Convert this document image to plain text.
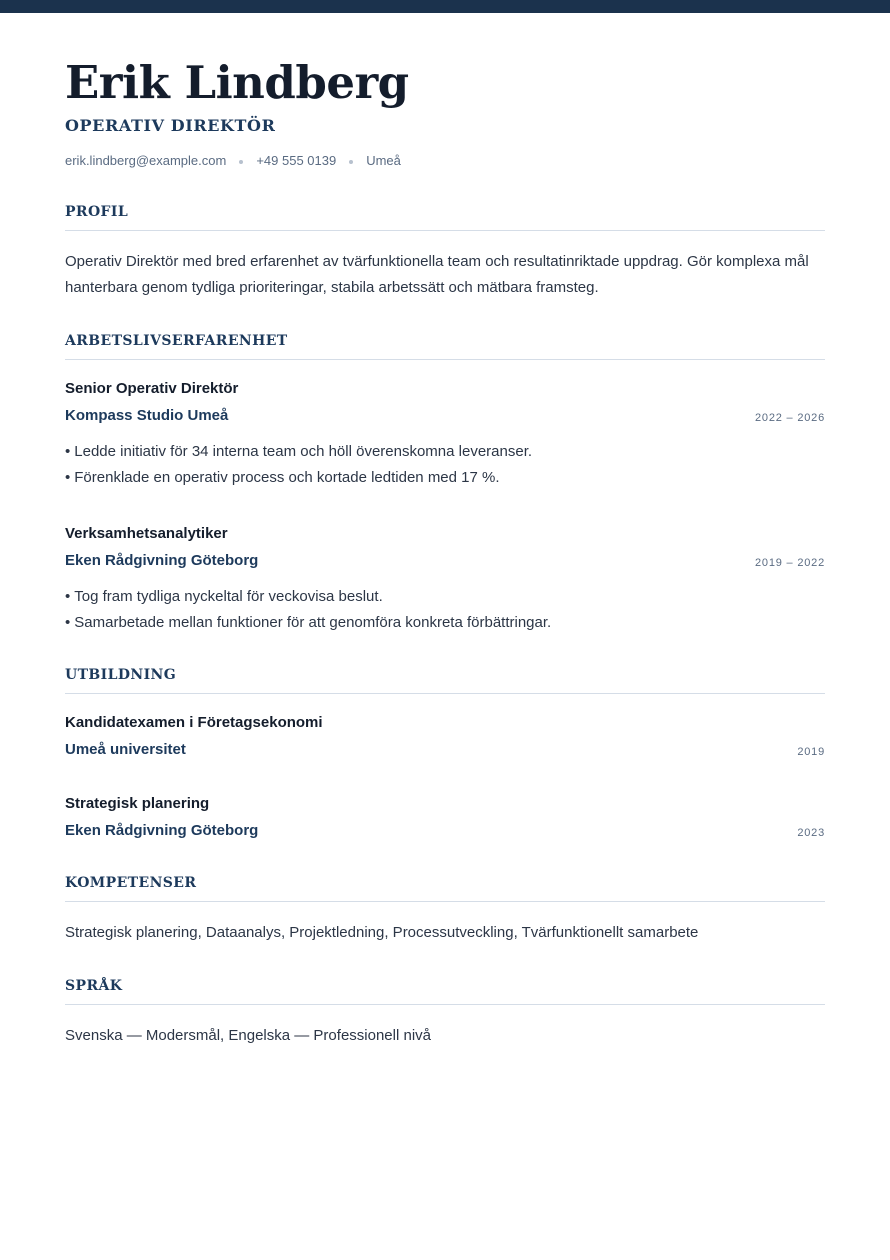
Erik Lindberg
OPERATIV DIREKTÖR
erik.lindberg@example.com +49 555 0139 Umeå
PROFIL
Operativ Direktör med bred erfarenhet av tvärfunktionella team och resultatinriktade uppdrag. Gör komplexa mål hanterbara genom tydliga prioriteringar, stabila arbetssätt och mätbara framsteg.
ARBETSLIVSERFARENHET
Senior Operativ Direktör
Kompass Studio Umeå	2022 – 2026
• Ledde initiativ för 34 interna team och höll överenskomna leveranser.
• Förenklade en operativ process och kortade ledtiden med 17 %.
Verksamhetsanalytiker
Eken Rådgivning Göteborg	2019 – 2022
• Tog fram tydliga nyckeltal för veckovisa beslut.
• Samarbetade mellan funktioner för att genomföra konkreta förbättringar.
UTBILDNING
Kandidatexamen i Företagsekonomi
Umeå universitet	2019
Strategisk planering
Eken Rådgivning Göteborg	2023
KOMPETENSER
Strategisk planering, Dataanalys, Projektledning, Processutveckling, Tvärfunktionellt samarbete
SPRÅK
Svenska — Modersmål, Engelska — Professionell nivå
